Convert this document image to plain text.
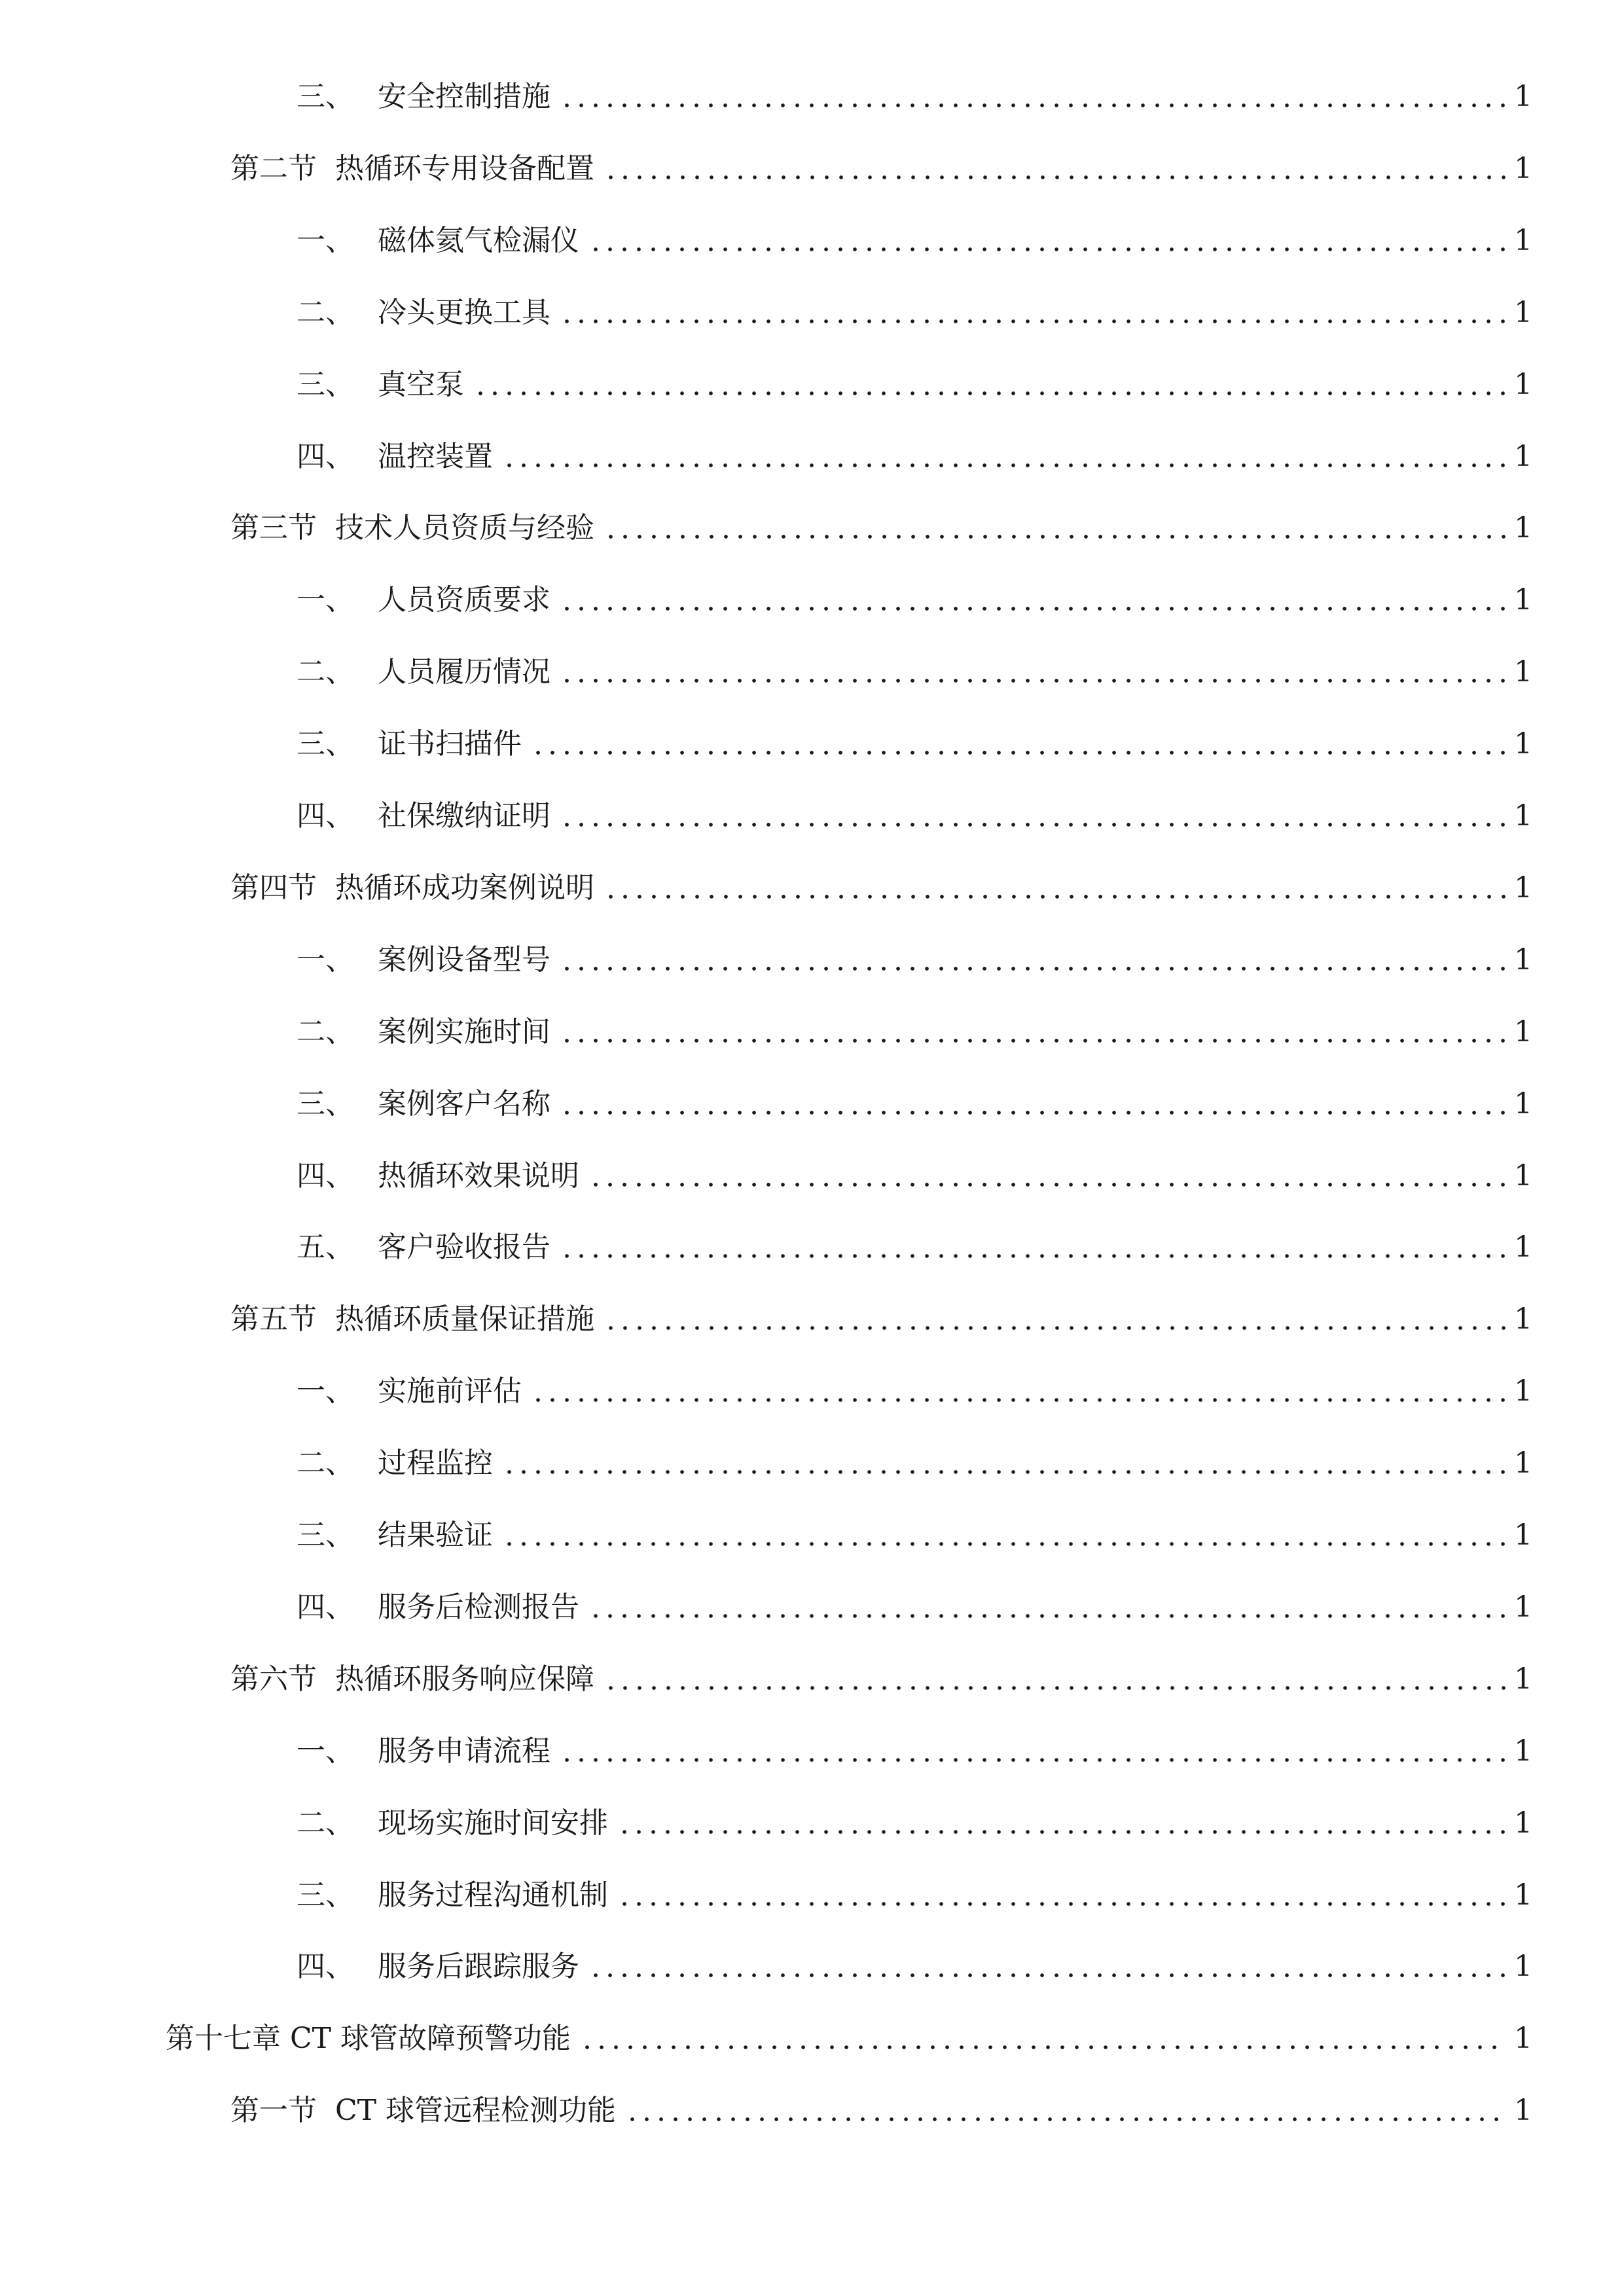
三、 安全控制措施	1
第二节 热循环专用设备配置	1
一、 磁体氦气检漏仪	1
二、 冷头更换工具	1
三、 真空泵	1
四、 温控装置	1
第三节 技术人员资质与经验	1
一、 人员资质要求	1
二、 人员履历情况	1
三、 证书扫描件	1
四、 社保缴纳证明	1
第四节 热循环成功案例说明	1
一、 案例设备型号	1
二、 案例实施时间	1
三、 案例客户名称	1
四、 热循环效果说明	1
五、 客户验收报告	1
第五节 热循环质量保证措施	1
一、 实施前评估	1
二、 过程监控	1
三、 结果验证	1
四、 服务后检测报告	1
第六节 热循环服务响应保障	1
一、 服务申请流程	1
二、 现场实施时间安排	1
三、 服务过程沟通机制	1
四、 服务后跟踪服务	1
第十七章 CT 球管故障预警功能	1
第一节 CT 球管远程检测功能	1
